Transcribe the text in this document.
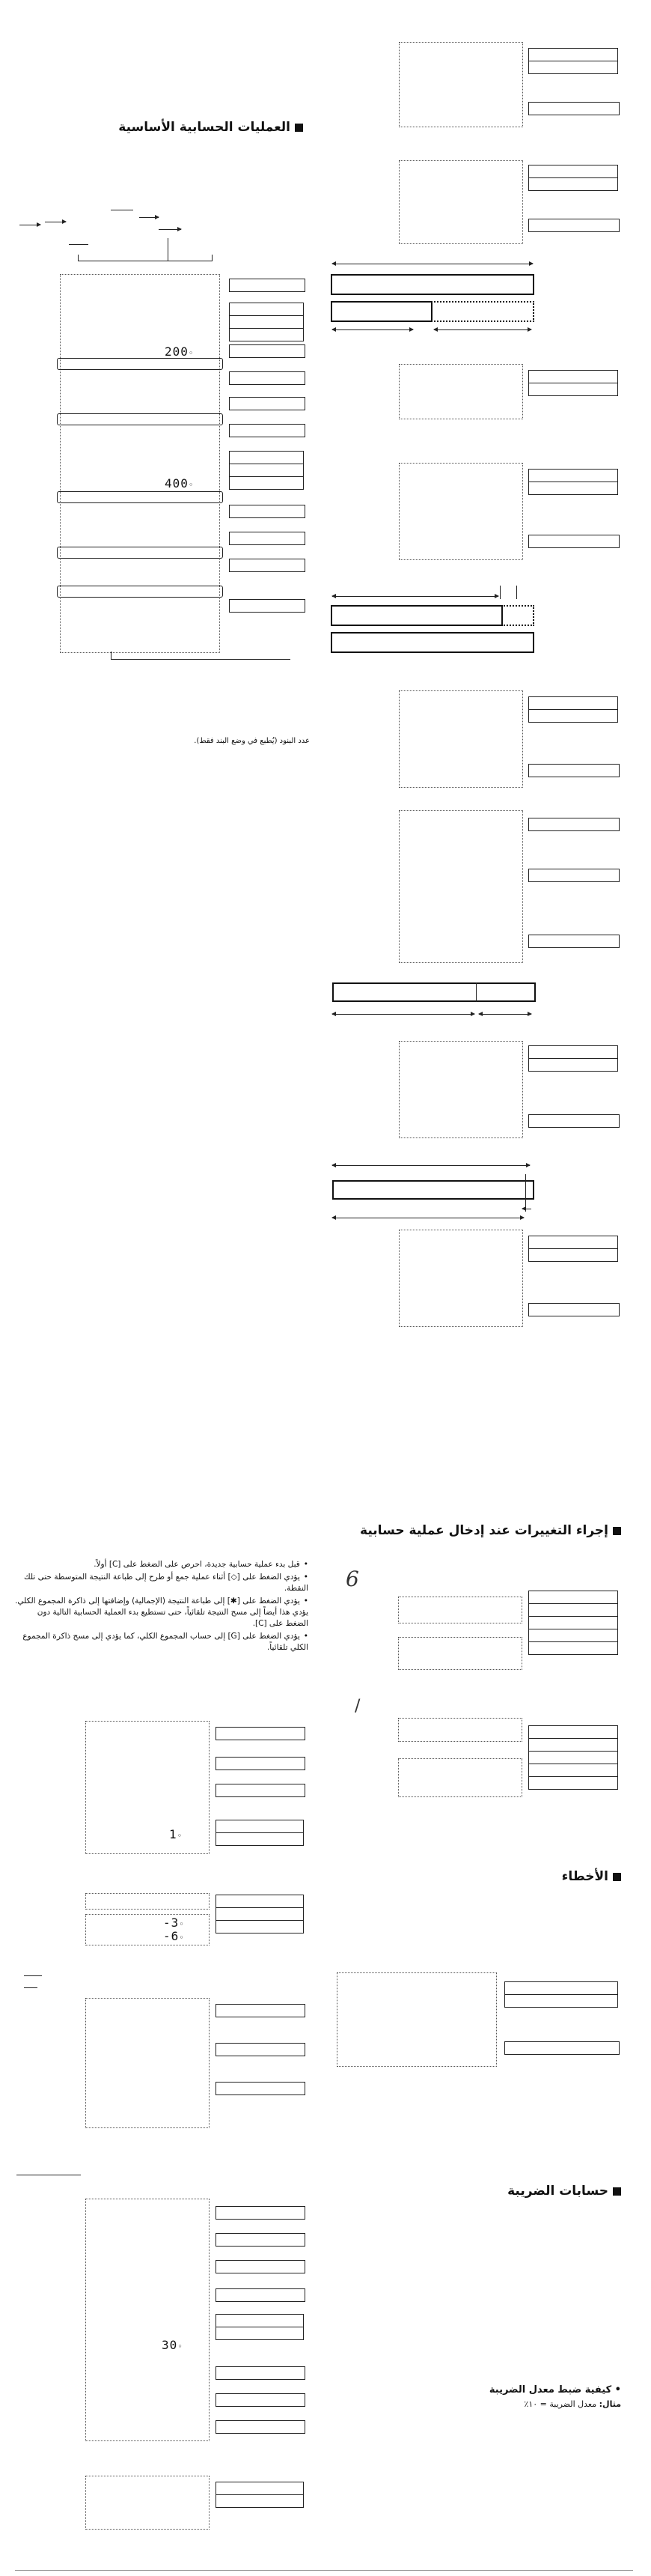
العمليات الحسابية الأساسية
200◦
400◦
عدد البنود (يُطبع في وضع البند فقط).
إجراء التغييرات عند إدخال عملية حسابية
• قبل بدء عملية حسابية جديدة، احرص على الضغط على [C] أولاً.
• يؤدي الضغط على [◇] أثناء عملية جمع أو طرح إلى طباعة النتيجة المتوسطة حتى تلك النقطة.
• يؤدي الضغط على [✱] إلى طباعة النتيجة (الإجمالية) وإضافتها إلى ذاكرة المجموع الكلي. يؤدي هذا أيضاً إلى مسح النتيجة تلقائياً، حتى تستطيع بدء العملية الحسابية التالية دون الضغط على [C].
• يؤدي الضغط على [G] إلى حساب المجموع الكلي، كما يؤدي إلى مسح ذاكرة المجموع الكلي تلقائياً.
6
/
1◦
-3◦
-6◦
الأخطاء
حسابات الضريبة
30◦
• كيفية ضبط معدل الضريبة
مثال: معدل الضريبة = ١٠٪
